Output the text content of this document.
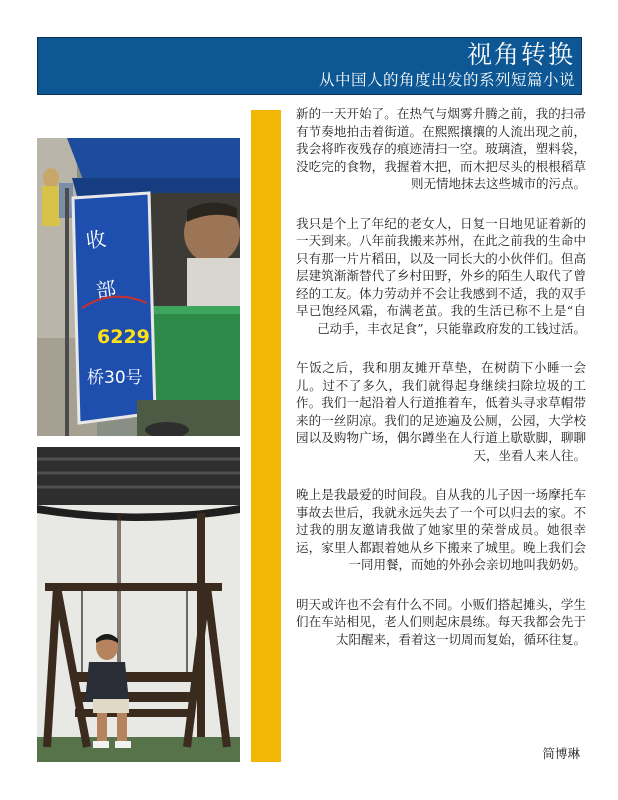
视角转换
从中国人的角度出发的系列短篇小说
收
部
6229
桥30号

新的一天开始了。在热气与烟雾升腾之前，我的扫帚有节奏地拍击着街道。在熙熙攘攘的人流出现之前，我会将昨夜残存的痕迹清扫一空。玻璃渣，塑料袋，没吃完的食物，我握着木把，而木把尽头的根根稻草则无情地抹去这些城市的污点。

我只是个上了年纪的老女人，日复一日地见证着新的一天到来。八年前我搬来苏州，在此之前我的生命中只有那一片片稻田，以及一同长大的小伙伴们。但高层建筑渐渐替代了乡村田野，外乡的陌生人取代了曾经的工友。体力劳动并不会让我感到不适，我的双手早已饱经风霜，布满老茧。我的生活已称不上是“自己动手，丰衣足食”，只能靠政府发的工钱过活。

午饭之后，我和朋友摊开草垫，在树荫下小睡一会儿。过不了多久，我们就得起身继续扫除垃圾的工作。我们一起沿着人行道推着车，低着头寻求草帽带来的一丝阴凉。我们的足迹遍及公厕，公园，大学校园以及购物广场，偶尔蹲坐在人行道上歇歇脚，聊聊天，坐看人来人往。

晚上是我最爱的时间段。自从我的儿子因一场摩托车事故去世后，我就永远失去了一个可以归去的家。不过我的朋友邀请我做了她家里的荣誉成员。她很幸运，家里人都跟着她从乡下搬来了城里。晚上我们会一同用餐，而她的外孙会亲切地叫我奶奶。

明天或许也不会有什么不同。小贩们搭起摊头，学生们在车站相见，老人们则起床晨练。每天我都会先于太阳醒来，看着这一切周而复始，循环往复。

简博琳
